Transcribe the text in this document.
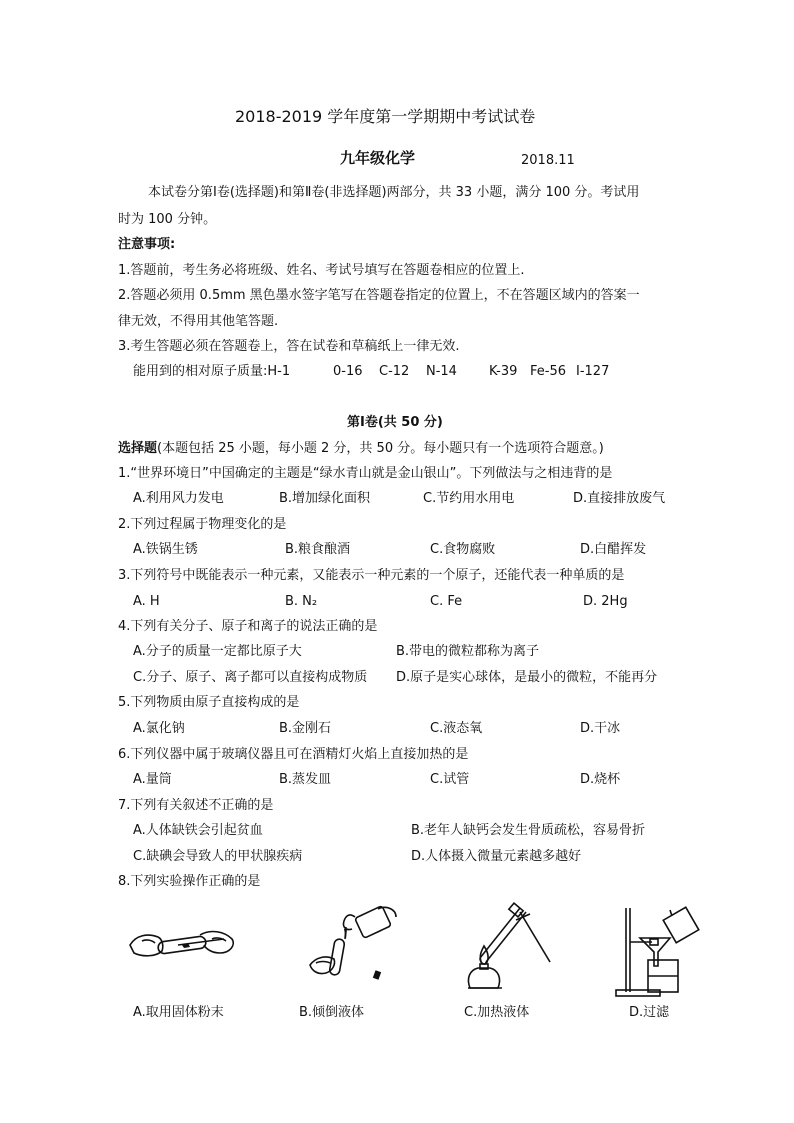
2018-2019 学年度第一学期期中考试试卷
九年级化学	2018.11
本试卷分第Ⅰ卷(选择题)和第Ⅱ卷(非选择题)两部分，共 33 小题，满分 100 分。考试用
时为 100 分钟。
注意事项:
1.答题前，考生务必将班级、姓名、考试号填写在答题卷相应的位置上.
2.答题必须用 0.5mm 黑色墨水签字笔写在答题卷指定的位置上，不在答题区域内的答案一
律无效，不得用其他笔答题.
3.考生答题必须在答题卷上，答在试卷和草稿纸上一律无效.
能用到的相对原子质量:H-1	0-16 C-12 N-14 K-39 Fe-56 I-127
第Ⅰ卷(共 50 分)
选择题(本题包括 25 小题，每小题 2 分，共 50 分。每小题只有一个选项符合题意。)
1.“世界环境日”中国确定的主题是“绿水青山就是金山银山”。下列做法与之相违背的是
A.利用风力发电	B.增加绿化面积	C.节约用水用电	D.直接排放废气
2.下列过程属于物理变化的是
A.铁锅生锈	B.粮食酿酒	C.食物腐败	D.白醋挥发
3.下列符号中既能表示一种元素，又能表示一种元素的一个原子，还能代表一种单质的是
A. H	B. N₂	C. Fe	D. 2Hg
4.下列有关分子、原子和离子的说法正确的是
A.分子的质量一定都比原子大	B.带电的微粒都称为离子
C.分子、原子、离子都可以直接构成物质 D.原子是实心球体，是最小的微粒，不能再分
5.下列物质由原子直接构成的是
A.氯化钠	B.金刚石	C.液态氧	D.干冰
6.下列仪器中属于玻璃仪器且可在酒精灯火焰上直接加热的是
A.量筒	B.蒸发皿	C.试管	D.烧杯
7.下列有关叙述不正确的是
A.人体缺铁会引起贫血	B.老年人缺钙会发生骨质疏松，容易骨折
C.缺碘会导致人的甲状腺疾病	D.人体摄入微量元素越多越好
8.下列实验操作正确的是
A.取用固体粉末	B.倾倒液体	C.加热液体	D.过滤
